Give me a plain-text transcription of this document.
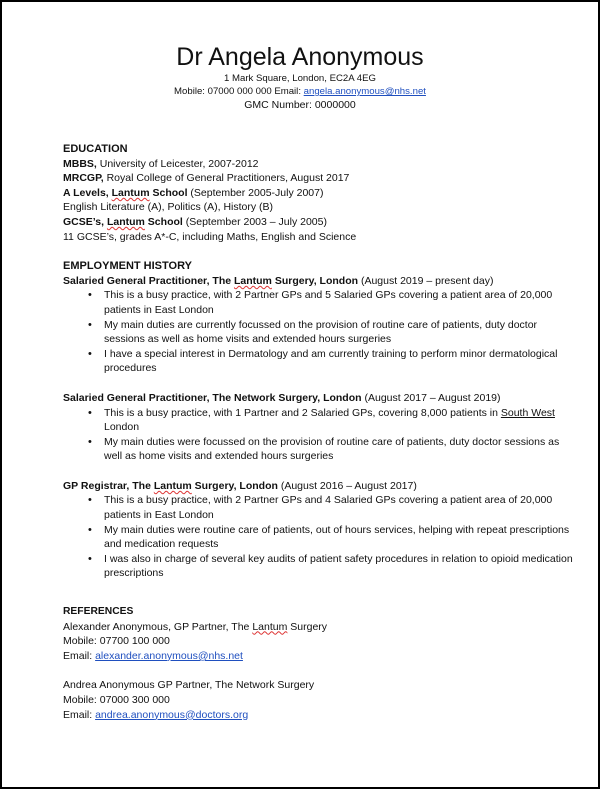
Dr Angela Anonymous
1 Mark Square, London, EC2A 4EG
Mobile: 07000 000 000 Email: angela.anonymous@nhs.net
GMC Number: 0000000
EDUCATION
MBBS, University of Leicester, 2007-2012
MRCGP, Royal College of General Practitioners, August 2017
A Levels, Lantum School (September 2005-July 2007)
English Literature (A), Politics (A), History (B)
GCSE’s, Lantum School (September 2003 – July 2005)
11 GCSE’s, grades A*-C, including Maths, English and Science
EMPLOYMENT HISTORY
Salaried General Practitioner, The Lantum Surgery, London (August 2019 – present day)
• This is a busy practice, with 2 Partner GPs and 5 Salaried GPs covering a patient area of 20,000 patients in East London
• My main duties are currently focussed on the provision of routine care of patients, duty doctor sessions as well as home visits and extended hours surgeries
• I have a special interest in Dermatology and am currently training to perform minor dermatological procedures
Salaried General Practitioner, The Network Surgery, London (August 2017 – August 2019)
• This is a busy practice, with 1 Partner and 2 Salaried GPs, covering 8,000 patients in South West London
• My main duties were focussed on the provision of routine care of patients, duty doctor sessions as well as home visits and extended hours surgeries
GP Registrar, The Lantum Surgery, London (August 2016 – August 2017)
• This is a busy practice, with 2 Partner GPs and 4 Salaried GPs covering a patient area of 20,000 patients in East London
• My main duties were routine care of patients, out of hours services, helping with repeat prescriptions and medication requests
• I was also in charge of several key audits of patient safety procedures in relation to opioid medication prescriptions
REFERENCES
Alexander Anonymous, GP Partner, The Lantum Surgery
Mobile: 07700 100 000
Email: alexander.anonymous@nhs.net
Andrea Anonymous GP Partner, The Network Surgery
Mobile: 07000 300 000
Email: andrea.anonymous@doctors.org
